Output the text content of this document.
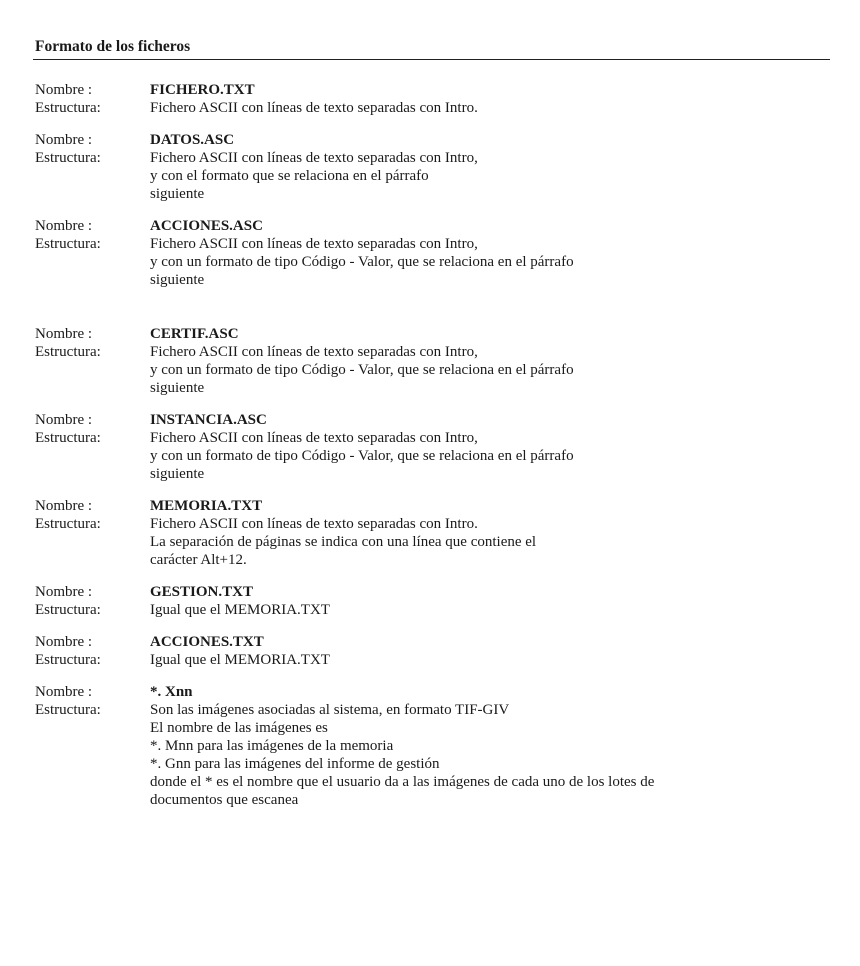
Formato de los ficheros
Nombre :
Estructura:
FICHERO.TXT
Fichero ASCII con líneas de texto separadas con Intro.
Nombre :
Estructura:
DATOS.ASC
Fichero ASCII con líneas de texto separadas con Intro,
y con el formato que se relaciona en el párrafo
siguiente
Nombre :
Estructura:
ACCIONES.ASC
Fichero ASCII con líneas de texto separadas con Intro,
y con un formato de tipo Código - Valor, que se relaciona en el párrafo
siguiente
Nombre :
Estructura:
CERTIF.ASC
Fichero ASCII con líneas de texto separadas con Intro,
y con un formato de tipo Código - Valor, que se relaciona en el párrafo
siguiente
Nombre :
Estructura:
INSTANCIA.ASC
Fichero ASCII con líneas de texto separadas con Intro,
y con un formato de tipo Código - Valor, que se relaciona en el párrafo
siguiente
Nombre :
Estructura:
MEMORIA.TXT
Fichero ASCII con líneas de texto separadas con Intro.
La separación de páginas se indica con una línea que contiene el
carácter Alt+12.
Nombre :
Estructura:
GESTION.TXT
Igual que el MEMORIA.TXT
Nombre :
Estructura:
ACCIONES.TXT
Igual que el MEMORIA.TXT
Nombre :
Estructura:
*. Xnn
Son las imágenes asociadas al sistema, en formato TIF-GIV
El nombre de las imágenes es
*. Mnn para las imágenes de la memoria
*. Gnn para las imágenes del informe de gestión
donde el * es el nombre que el usuario da a las imágenes de cada uno de los lotes de
documentos que escanea
